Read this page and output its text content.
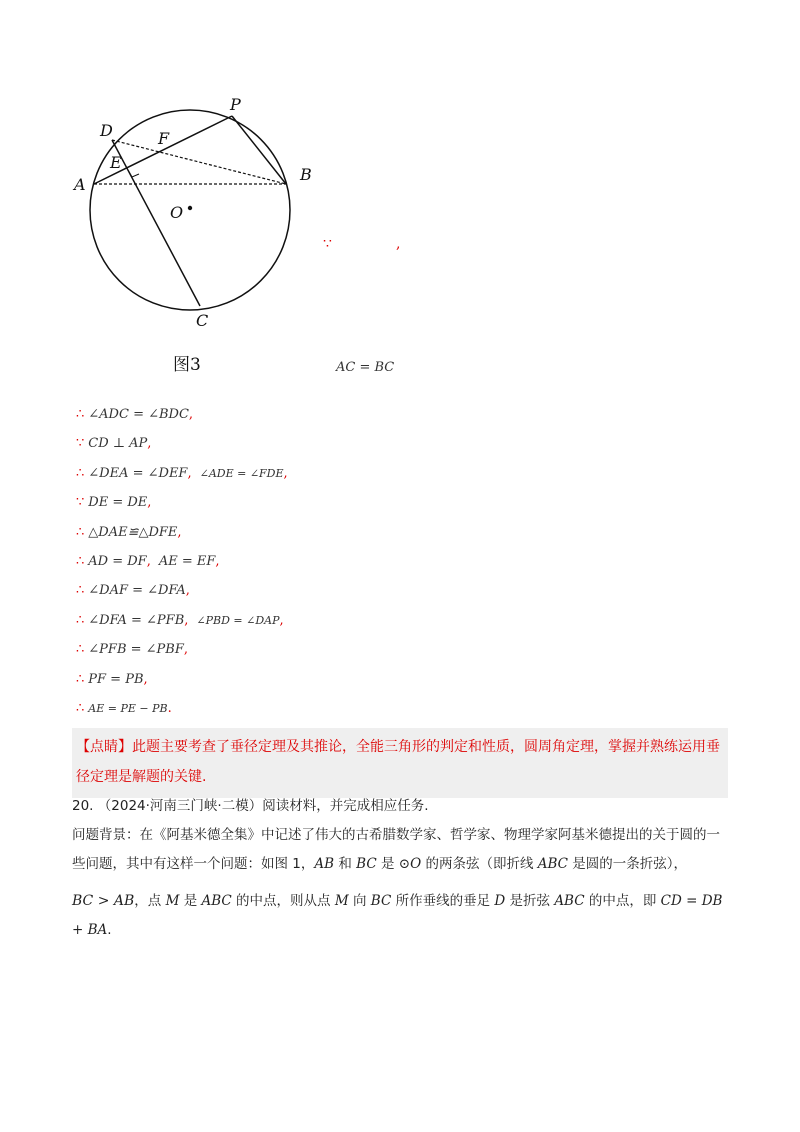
A
B
C
D
E
F
P
O
图3
∵	,
AC = BC
∴ ∠ADC = ∠BDC,
∵ CD ⊥ AP,
∴ ∠DEA = ∠DEF, ∠ADE = ∠FDE,
∵ DE = DE,
∴ △DAE≌△DFE,
∴ AD = DF, AE = EF,
∴ ∠DAF = ∠DFA,
∴ ∠DFA = ∠PFB, ∠PBD = ∠DAP,
∴ ∠PFB = ∠PBF,
∴ PF = PB,
∴ AE = PE − PB.
【点睛】此题主要考查了垂径定理及其推论，全能三角形的判定和性质，圆周角定理，掌握并熟练运用垂径定理是解题的关键.
20. （2024·河南三门峡·二模）阅读材料，并完成相应任务.
问题背景：在《阿基米德全集》中记述了伟大的古希腊数学家、哲学家、物理学家阿基米德提出的关于圆的一些问题，其中有这样一个问题：如图 1，AB 和 BC 是 ⊙O 的两条弦（即折线 ABC 是圆的一条折弦），
BC > AB，点 M 是 ABC 的中点，则从点 M 向 BC 所作垂线的垂足 D 是折弦 ABC 的中点，即 CD = DB + BA.
